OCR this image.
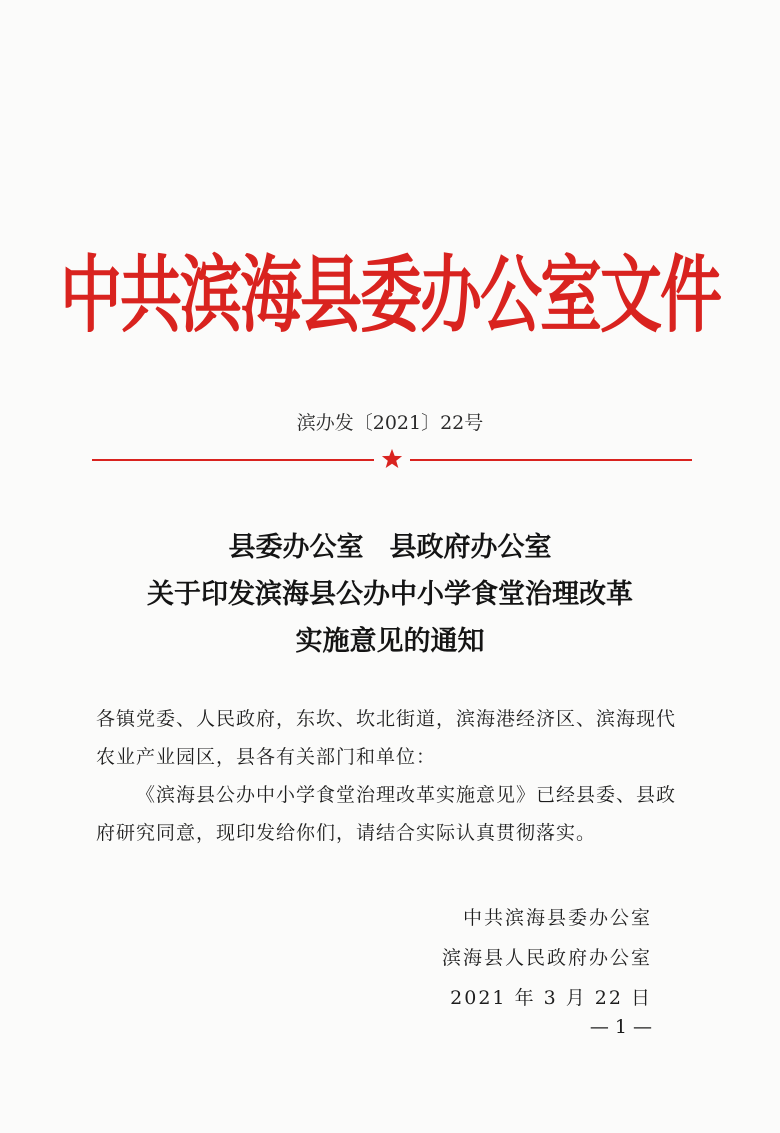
中共滨海县委办公室文件
滨办发〔2021〕22号
县委办公室 县政府办公室
关于印发滨海县公办中小学食堂治理改革
实施意见的通知

各镇党委、人民政府，东坎、坎北街道，滨海港经济区、滨海现代农业产业园区，县各有关部门和单位：

《滨海县公办中小学食堂治理改革实施意见》已经县委、县政府研究同意，现印发给你们，请结合实际认真贯彻落实。

中共滨海县委办公室
滨海县人民政府办公室
2021 年 3 月 22 日
— 1 —
